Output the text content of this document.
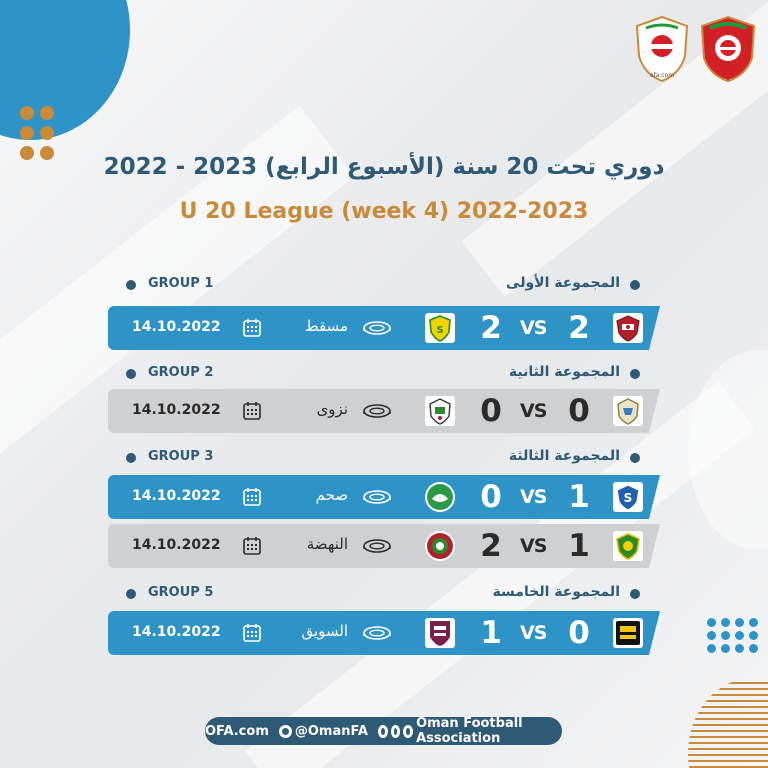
ofa.com
دوري تحت 20 سنة (الأسبوع الرابع) 2023 - 2022
U 20 League (week 4) 2022-2023
GROUP 1	المجموعة الأولى
14.10.2022	مسقط	S 2 VS 2
GROUP 2	المجموعة الثانية
14.10.2022	نزوى	0 VS 0
GROUP 3	المجموعة الثالثة
14.10.2022	صحم	0 VS 1	S
14.10.2022	النهضة	2 VS 1
GROUP 5	المجموعة الخامسة
14.10.2022	السويق	1 VS 0
OFA.com @OmanFA	Oman Football Association
